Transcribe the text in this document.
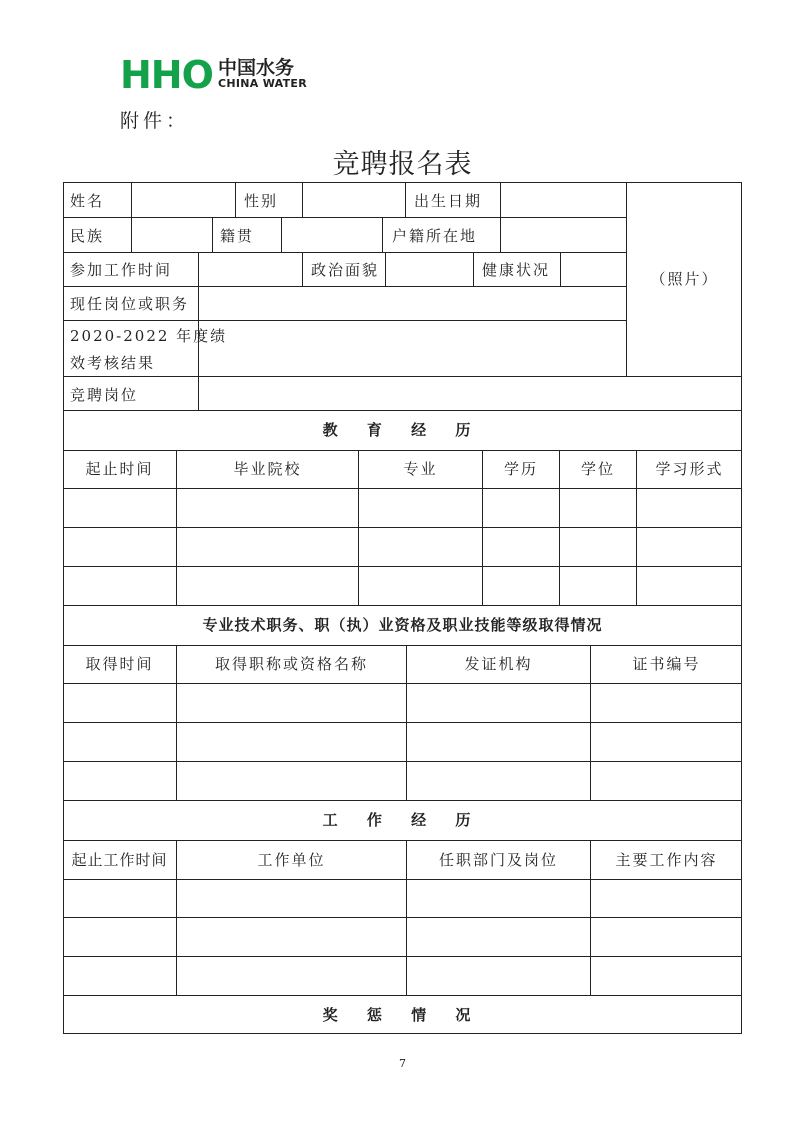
HHO 中国水务
CHINA WATER
附件：
竞聘报名表
姓名	性别	出生日期
民族	籍贯	户籍所在地
参加工作时间	政治面貌	健康状况
现任岗位或职务
2020-2022 年度绩
效考核结果
竞聘岗位
（照片）
教 育 经 历
起止时间	毕业院校	专业	学历	学位	学习形式
专业技术职务、职（执）业资格及职业技能等级取得情况
取得时间	取得职称或资格名称	发证机构	证书编号
工 作 经 历
起止工作时间	工作单位	任职部门及岗位	主要工作内容
奖 惩 情 况
7
